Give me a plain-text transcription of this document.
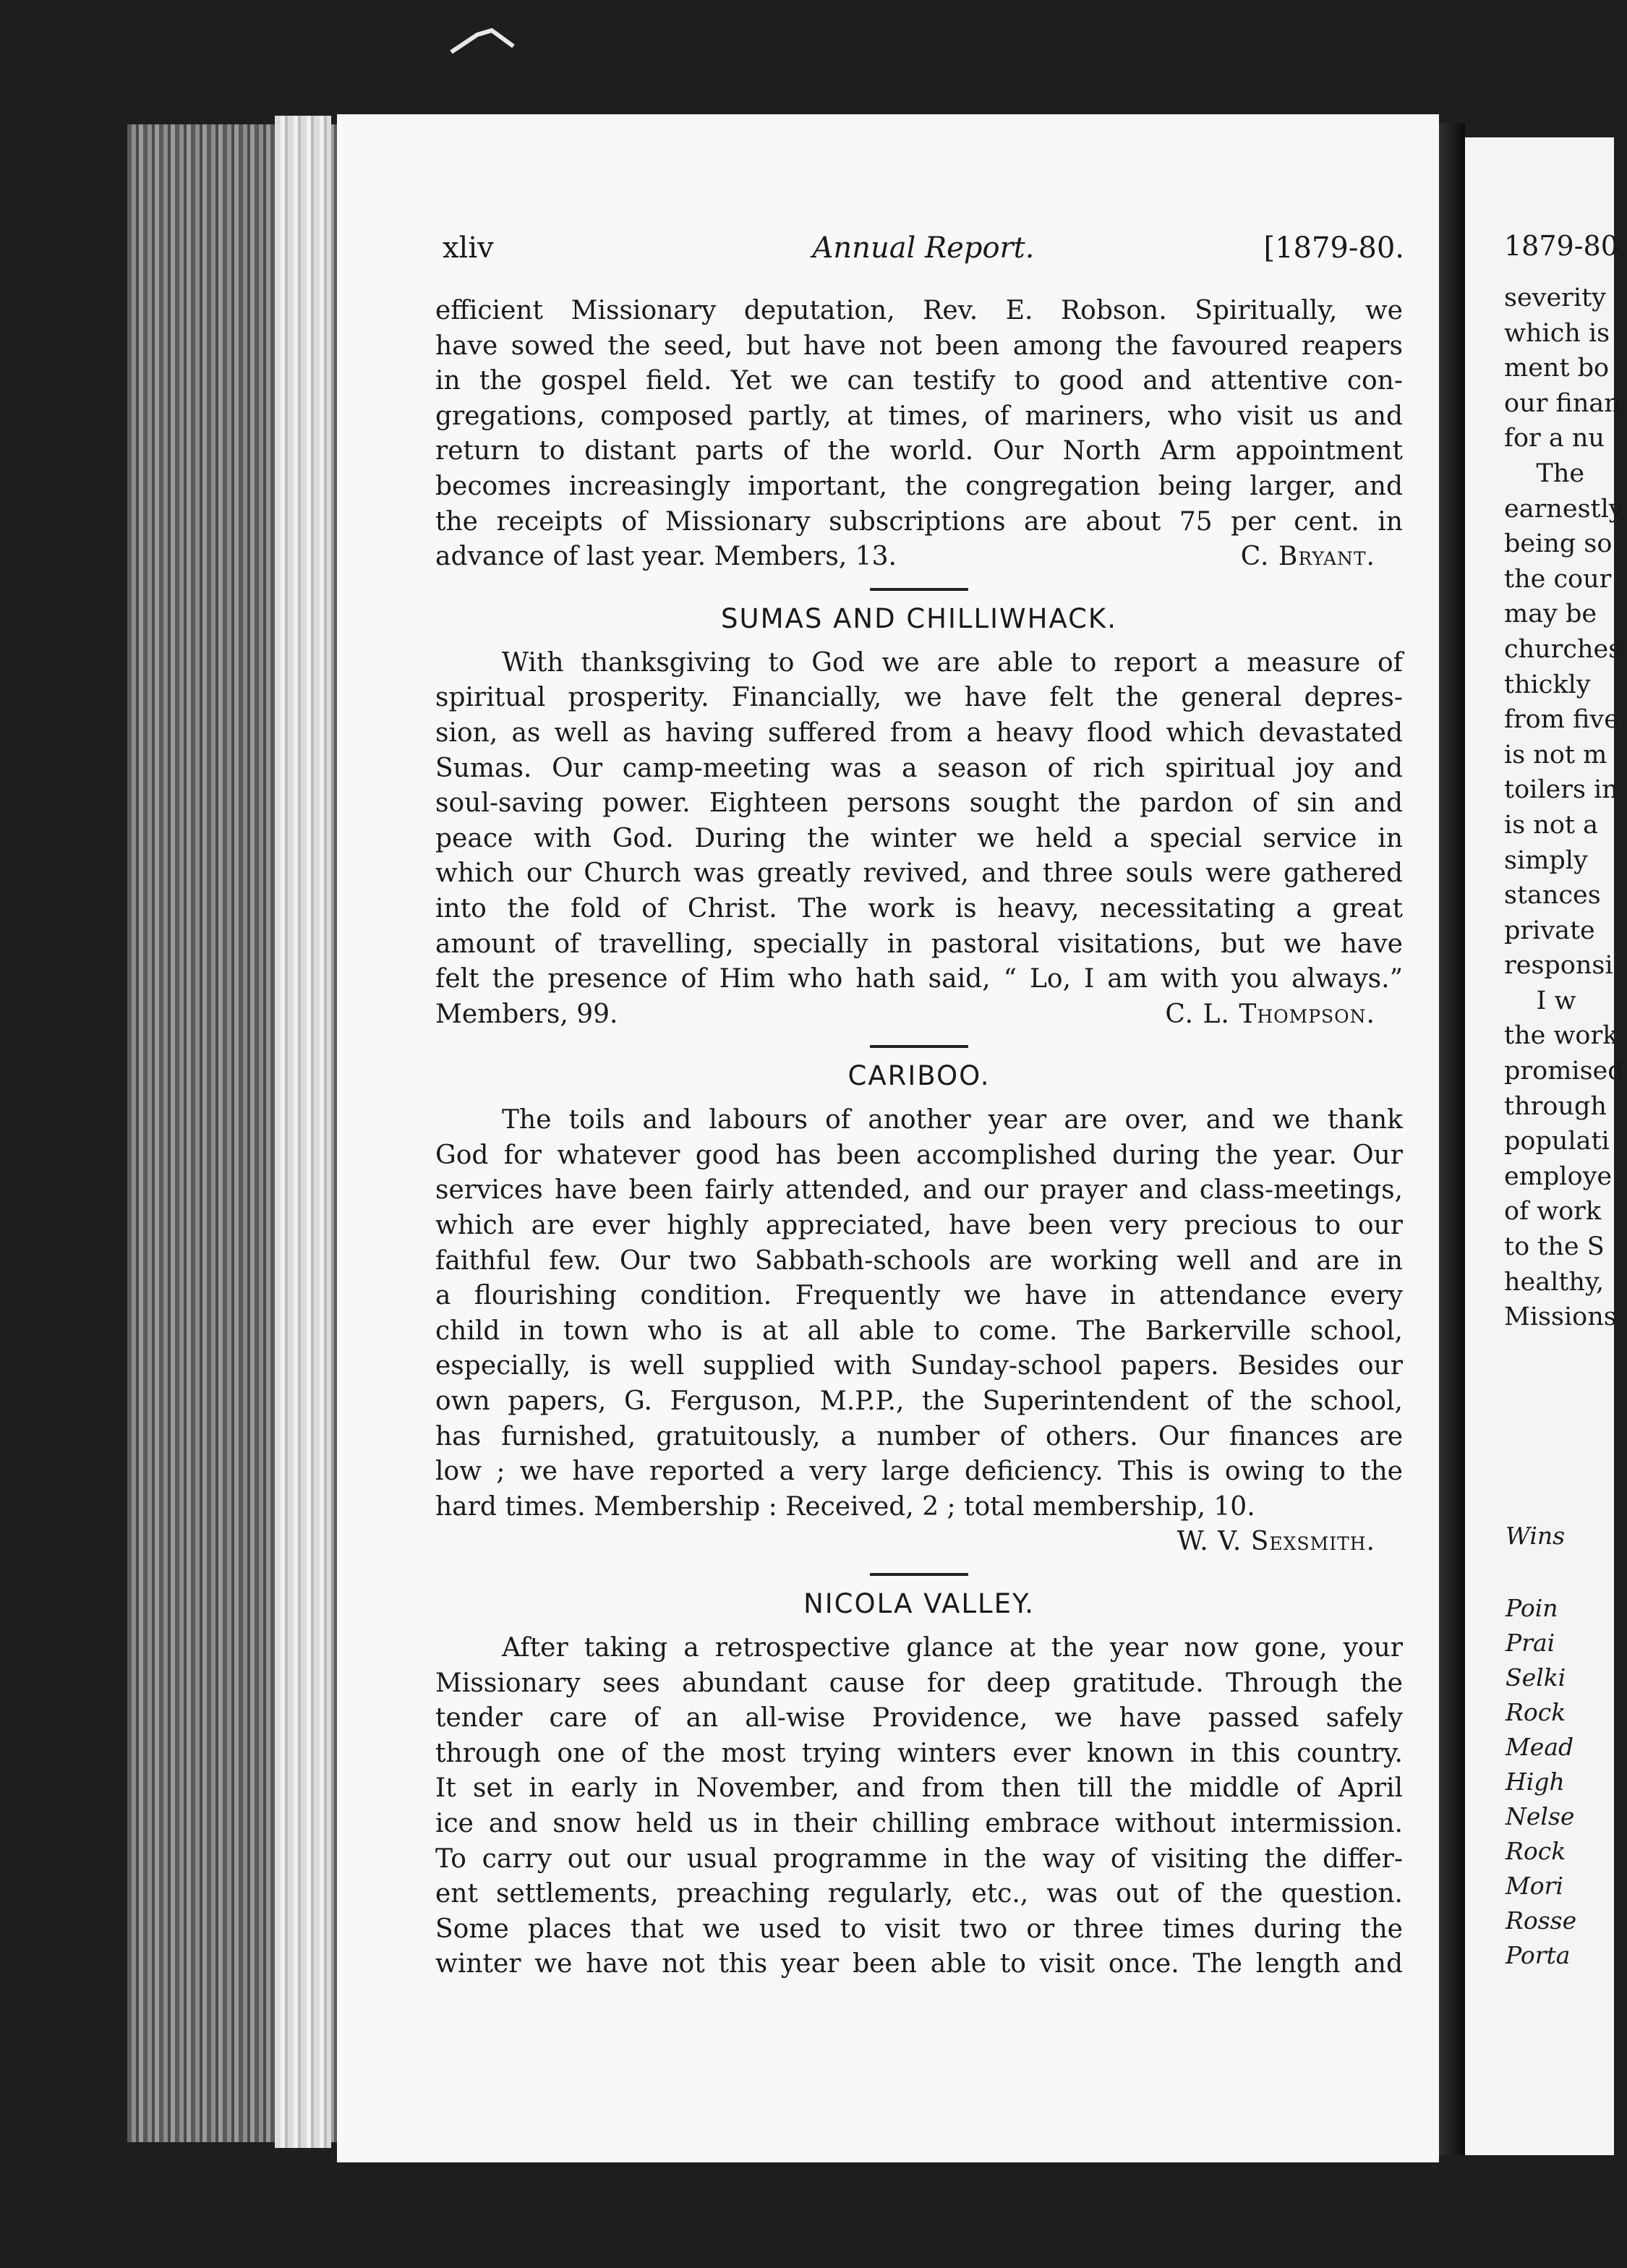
xliv	Annual Report.	[1879-80.
efficient Missionary deputation, Rev. E. Robson. Spiritually, we
have sowed the seed, but have not been among the favoured reapers
in the gospel field. Yet we can testify to good and attentive con-
gregations, composed partly, at times, of mariners, who visit us and
return to distant parts of the world. Our North Arm appointment
becomes increasingly important, the congregation being larger, and
the receipts of Missionary subscriptions are about 75 per cent. in
advance of last year. Members, 13.	C. Bryant.
SUMAS AND CHILLIWHACK.
With thanksgiving to God we are able to report a measure of
spiritual prosperity. Financially, we have felt the general depres-
sion, as well as having suffered from a heavy flood which devastated
Sumas. Our camp-meeting was a season of rich spiritual joy and
soul-saving power. Eighteen persons sought the pardon of sin and
peace with God. During the winter we held a special service in
which our Church was greatly revived, and three souls were gathered
into the fold of Christ. The work is heavy, necessitating a great
amount of travelling, specially in pastoral visitations, but we have
felt the presence of Him who hath said, “ Lo, I am with you always.”
Members, 99.	C. L. Thompson.
CARIBOO.
The toils and labours of another year are over, and we thank
God for whatever good has been accomplished during the year. Our
services have been fairly attended, and our prayer and class-meetings,
which are ever highly appreciated, have been very precious to our
faithful few. Our two Sabbath-schools are working well and are in
a flourishing condition. Frequently we have in attendance every
child in town who is at all able to come. The Barkerville school,
especially, is well supplied with Sunday-school papers. Besides our
own papers, G. Ferguson, M.P.P., the Superintendent of the school,
has furnished, gratuitously, a number of others. Our finances are
low ; we have reported a very large deficiency. This is owing to the
hard times. Membership : Received, 2 ; total membership, 10.
W. V. Sexsmith.
NICOLA VALLEY.
After taking a retrospective glance at the year now gone, your
Missionary sees abundant cause for deep gratitude. Through the
tender care of an all-wise Providence, we have passed safely
through one of the most trying winters ever known in this country.
It set in early in November, and from then till the middle of April
ice and snow held us in their chilling embrace without intermission.
To carry out our usual programme in the way of visiting the differ-
ent settlements, preaching regularly, etc., was out of the question.
Some places that we used to visit two or three times during the
winter we have not this year been able to visit once. The length and
1879-80.
severity
which is
ment bo
our finan
for a nu
The
earnestly
being so
the cour
may be
churches
thickly
from five
is not m
toilers in
is not a
simply
stances
private
responsi
I w
the work
promised
through
populati
employe
of work
to the S
healthy,
Missions
Wins
Poin
Prai
Selki
Rock
Mead
High
Nelse
Rock
Mori
Rosse
Porta
